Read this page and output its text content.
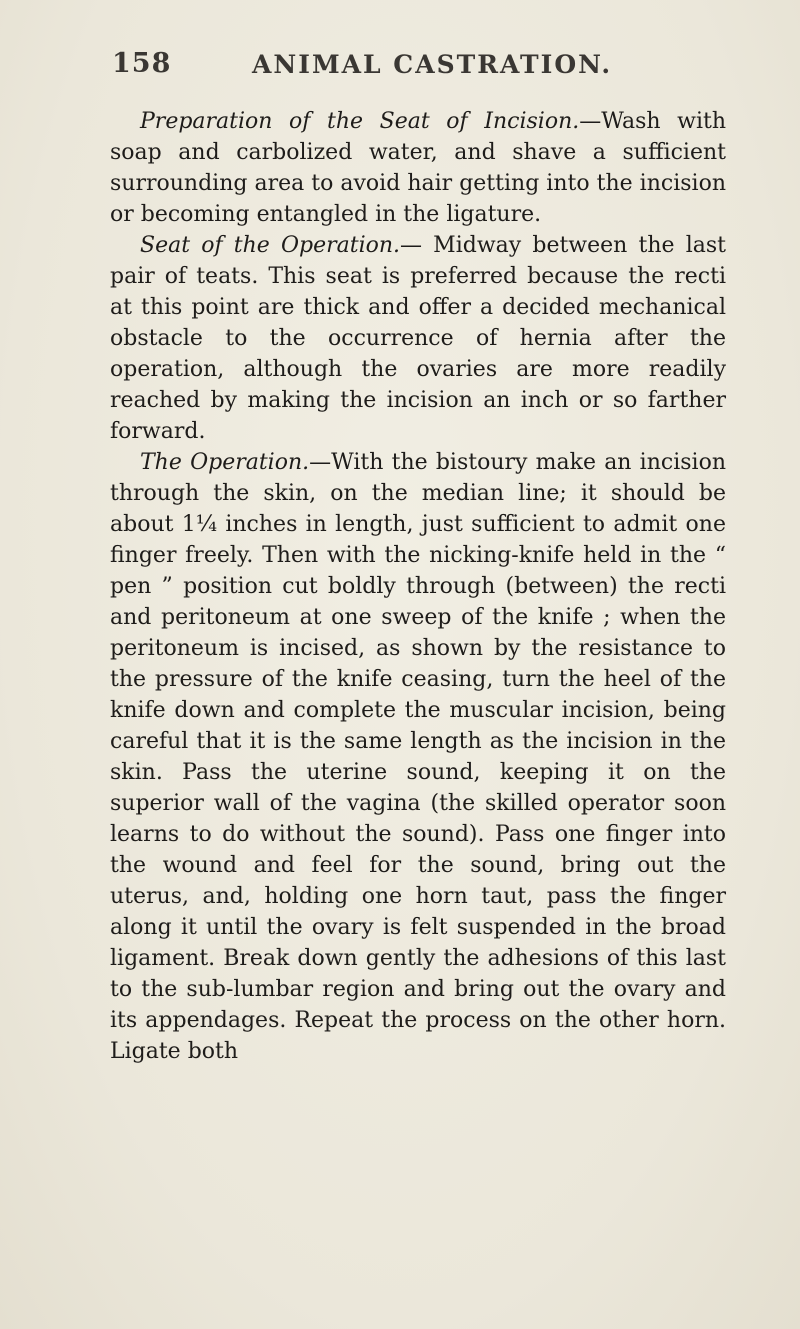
158	ANIMAL CASTRATION.

Preparation of the Seat of Incision.—Wash with soap and carbolized water, and shave a sufficient surrounding area to avoid hair getting into the incision or becoming entangled in the ligature.

Seat of the Operation.— Midway between the last pair of teats. This seat is preferred because the recti at this point are thick and offer a decided mechanical obstacle to the occurrence of hernia after the operation, although the ovaries are more readily reached by making the incision an inch or so farther forward.

The Operation.—With the bistoury make an incision through the skin, on the median line; it should be about 1¼ inches in length, just sufficient to admit one finger freely. Then with the nicking-knife held in the “ pen ” position cut boldly through (between) the recti and peritoneum at one sweep of the knife ; when the peritoneum is incised, as shown by the resistance to the pressure of the knife ceasing, turn the heel of the knife down and complete the muscular incision, being careful that it is the same length as the incision in the skin. Pass the uterine sound, keeping it on the superior wall of the vagina (the skilled operator soon learns to do without the sound). Pass one finger into the wound and feel for the sound, bring out the uterus, and, holding one horn taut, pass the finger along it until the ovary is felt suspended in the broad ligament. Break down gently the adhesions of this last to the sub-lumbar region and bring out the ovary and its appendages. Repeat the process on the other horn. Ligate both
